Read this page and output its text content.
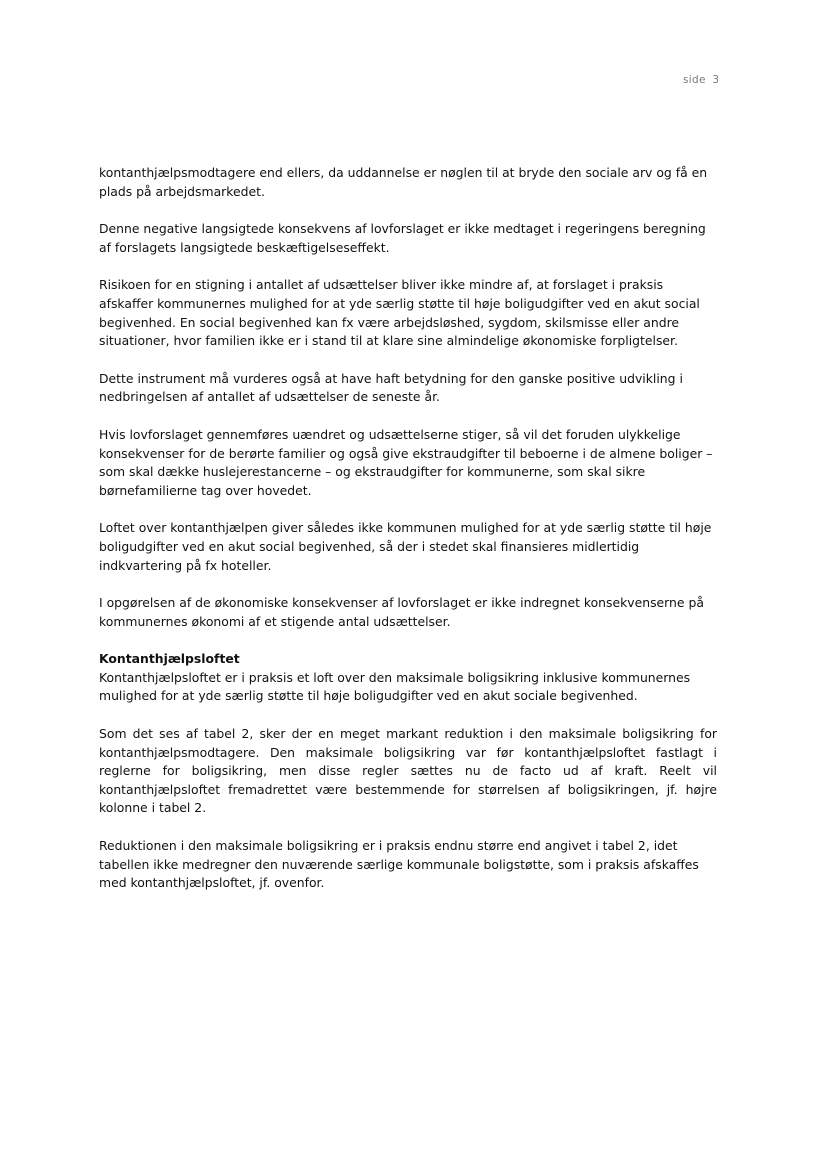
side 3

kontanthjælpsmodtagere end ellers, da uddannelse er nøglen til at bryde den sociale arv og få en plads på arbejdsmarkedet.

Denne negative langsigtede konsekvens af lovforslaget er ikke medtaget i regeringens beregning af forslagets langsigtede beskæftigelseseffekt.

Risikoen for en stigning i antallet af udsættelser bliver ikke mindre af, at forslaget i praksis afskaffer kommunernes mulighed for at yde særlig støtte til høje boligudgifter ved en akut social begivenhed. En social begivenhed kan fx være arbejdsløshed, sygdom, skilsmisse eller andre situationer, hvor familien ikke er i stand til at klare sine almindelige økonomiske forpligtelser.

Dette instrument må vurderes også at have haft betydning for den ganske positive udvikling i nedbringelsen af antallet af udsættelser de seneste år.

Hvis lovforslaget gennemføres uændret og udsættelserne stiger, så vil det foruden ulykkelige konsekvenser for de berørte familier og også give ekstraudgifter til beboerne i de almene boliger – som skal dække huslejerestancerne – og ekstraudgifter for kommunerne, som skal sikre børnefamilierne tag over hovedet.

Loftet over kontanthjælpen giver således ikke kommunen mulighed for at yde særlig støtte til høje boligudgifter ved en akut social begivenhed, så der i stedet skal finansieres midlertidig indkvartering på fx hoteller.

I opgørelsen af de økonomiske konsekvenser af lovforslaget er ikke indregnet konsekvenserne på kommunernes økonomi af et stigende antal udsættelser.

Kontanthjælpsloftet

Kontanthjælpsloftet er i praksis et loft over den maksimale boligsikring inklusive kommunernes mulighed for at yde særlig støtte til høje boligudgifter ved en akut sociale begivenhed.

Som det ses af tabel 2, sker der en meget markant reduktion i den maksimale boligsikring for kontanthjælpsmodtagere. Den maksimale boligsikring var før kontanthjælpsloftet fastlagt i reglerne for boligsikring, men disse regler sættes nu de facto ud af kraft. Reelt vil kontanthjælpsloftet fremadrettet være bestemmende for størrelsen af boligsikringen, jf. højre kolonne i tabel 2.

Reduktionen i den maksimale boligsikring er i praksis endnu større end angivet i tabel 2, idet tabellen ikke medregner den nuværende særlige kommunale boligstøtte, som i praksis afskaffes med kontanthjælpsloftet, jf. ovenfor.
